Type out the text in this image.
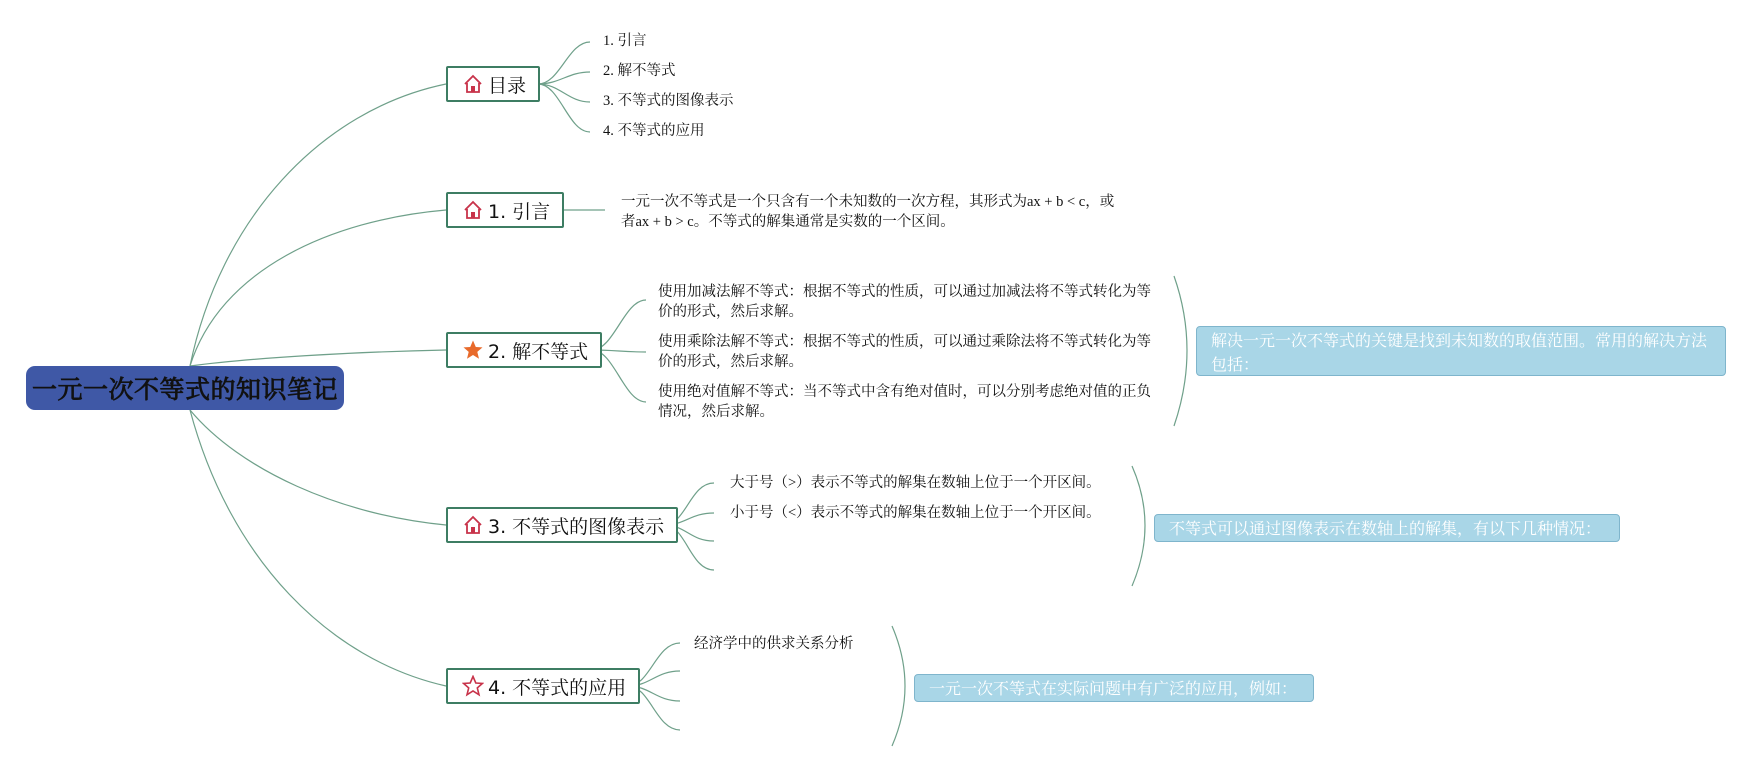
一元一次不等式的知识笔记
目录
1. 引言
2. 解不等式
3. 不等式的图像表示
4. 不等式的应用
1. 引言	一元一次不等式是一个只含有一个未知数的一次方程，其形式为ax + b < c，或者ax + b > c。不等式的解集通常是实数的一个区间。
2. 解不等式
使用加减法解不等式：根据不等式的性质，可以通过加减法将不等式转化为等价的形式，然后求解。
使用乘除法解不等式：根据不等式的性质，可以通过乘除法将不等式转化为等价的形式，然后求解。
使用绝对值解不等式：当不等式中含有绝对值时，可以分别考虑绝对值的正负情况，然后求解。
解决一元一次不等式的关键是找到未知数的取值范围。常用的解决方法包括：
3. 不等式的图像表示
大于号（>）表示不等式的解集在数轴上位于一个开区间。
小于号（<）表示不等式的解集在数轴上位于一个开区间。
不等式可以通过图像表示在数轴上的解集，有以下几种情况：
4. 不等式的应用
经济学中的供求关系分析
一元一次不等式在实际问题中有广泛的应用，例如：
